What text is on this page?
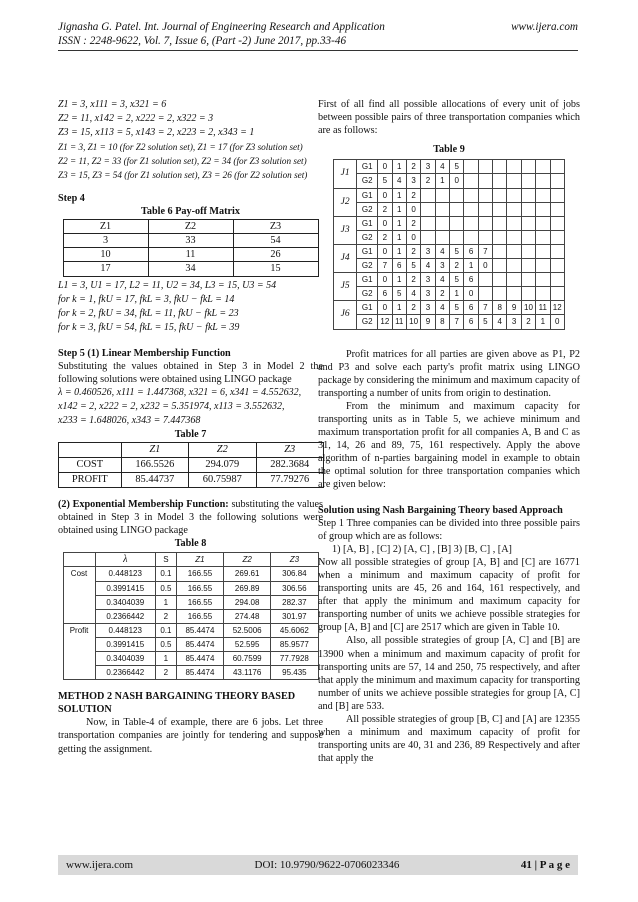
Jignasha G. Patel. Int. Journal of Engineering Research and Application	www.ijera.com
ISSN : 2248-9622, Vol. 7, Issue 6, (Part -2) June 2017, pp.33-46
Z1 = 3, x111 = 3, x321 = 6
Z2 = 11, x142 = 2, x222 = 2, x322 = 3
Z3 = 15, x113 = 5, x143 = 2, x223 = 2, x343 = 1
Z1 = 3, Z1 = 10 (for Z2 solution set), Z1 = 17 (for Z3 solution set)
Z2 = 11, Z2 = 33 (for Z1 solution set), Z2 = 34 (for Z3 solution set)
Z3 = 15, Z3 = 54 (for Z1 solution set), Z3 = 26 (for Z2 solution set)

Step 4

Table 6 Pay-off Matrix

Z1	Z2	Z3
3	33	54
10	11	26
17	34	15
L1 = 3, U1 = 17, L2 = 11, U2 = 34, L3 = 15, U3 = 54
for k = 1, fkU = 17, fkL = 3, fkU − fkL = 14
for k = 2, fkU = 34, fkL = 11, fkU − fkL = 23
for k = 3, fkU = 54, fkL = 15, fkU − fkL = 39

Step 5 (1) Linear Membership Function

Substituting the values obtained in Step 3 in Model 2 the following solutions were obtained using LINGO package

λ = 0.460526, x111 = 1.447368, x321 = 6, x341 = 4.552632,
x142 = 2, x222 = 2, x232 = 5.351974, x113 = 3.552632,
x233 = 1.648026, x343 = 7.447368

Table 7

	Z1	Z2	Z3
COST	166.5526	294.079	282.3684
PROFIT	85.44737	60.75987	77.79276

(2) Exponential Membership Function: substituting the values obtained in Step 3 in Model 3 the following solutions were obtained using LINGO package

Table 8

	λ	S	Z1	Z2	Z3
Cost	0.448123	0.1	166.55	269.61	306.84
	0.3991415	0.5	166.55	269.89	306.56
	0.3404039	1	166.55	294.08	282.37
	0.2366442	2	166.55	274.48	301.97
Profit	0.448123	0.1	85.4474	52.5006	45.6062
	0.3991415	0.5	85.4474	52.595	85.9577
	0.3404039	1	85.4474	60.7599	77.7928
	0.2366442	2	85.4474	43.1176	95.435

METHOD 2 NASH BARGAINING THEORY BASED SOLUTION

Now, in Table-4 of example, there are 6 jobs. Let three transportation companies are jointly for tendering and suppose getting the assignment.

First of all find all possible allocations of every unit of jobs between possible pairs of three transportation companies which are as follows:

Table 9

J1	G1	0	1	2	3	4	5							
	G2	5	4	3	2	1	0							
J2	G1	0	1	2										
	G2	2	1	0										
J3	G1	0	1	2										
	G2	2	1	0										
J4	G1	0	1	2	3	4	5	6	7					
	G2	7	6	5	4	3	2	1	0					
J5	G1	0	1	2	3	4	5	6						
	G2	6	5	4	3	2	1	0						
J6	G1	0	1	2	3	4	5	6	7	8	9	10	11	12
	G2	12	11	10	9	8	7	6	5	4	3	2	1	0

Profit matrices for all parties are given above as P1, P2 and P3 and solve each party's profit matrix using LINGO package by considering the minimum and maximum capacity of transporting a number of units from origin to destination.

From the minimum and maximum capacity for transporting units as in Table 5, we achieve minimum and maximum transportation profit for all companies A, B and C as 31, 14, 26 and 89, 75, 161 respectively. Apply the above algorithm of n-parties bargaining model in example to obtain the optimal solution for three transportation companies which are given below:

Solution using Nash Bargaining Theory based Approach

Step 1 Three companies can be divided into three possible pairs of group which are as follows:

1) [A, B] , [C] 2) [A, C] , [B] 3) [B, C] , [A]

Now all possible strategies of group [A, B] and [C] are 16771 when a minimum and maximum capacity of profit for transporting units are 45, 26 and 164, 161 respectively, and after that apply the minimum and maximum capacity for transporting number of units we achieve possible strategies for group [A, B] and [C] are 2517 which are given in Table 10.

Also, all possible strategies of group [A, C] and [B] are 13900 when a minimum and maximum capacity of profit for transporting units are 57, 14 and 250, 75 respectively, and after that apply the minimum and maximum capacity for transporting number of units we achieve possible strategies for group [A, C] and [B] are 533.

All possible strategies of group [B, C] and [A] are 12355 when a minimum and maximum capacity of profit for transporting units are 40, 31 and 236, 89 Respectively and after that apply the

www.ijera.com	DOI: 10.9790/9622-0706023346	41 | P a g e
